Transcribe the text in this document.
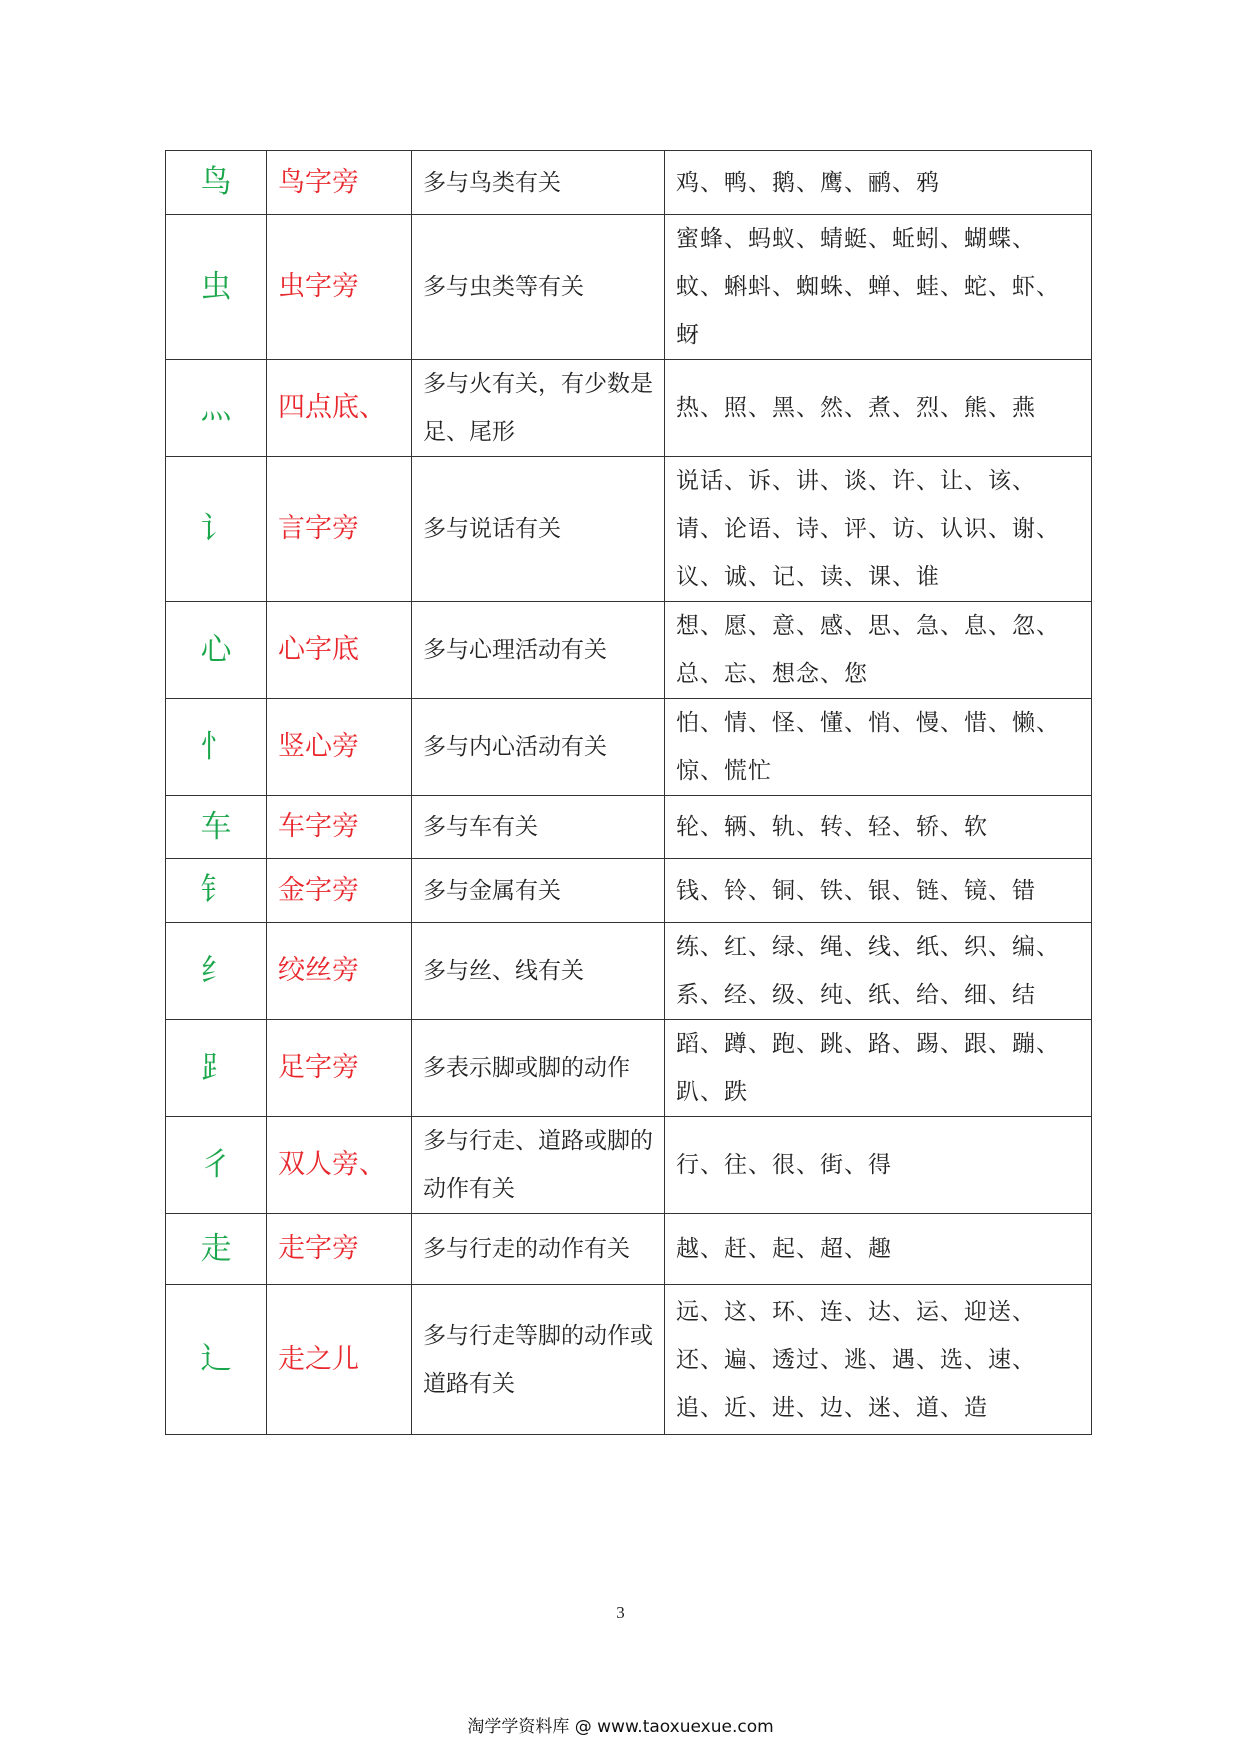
鸟	鸟字旁	多与鸟类有关	鸡、鸭、鹅、鹰、鹂、鸦
虫	虫字旁	多与虫类等有关	蜜蜂、蚂蚁、蜻蜓、蚯蚓、蝴蝶、蚊、蝌蚪、蜘蛛、蝉、蛙、蛇、虾、蚜
灬	四点底、	多与火有关，有少数是足、尾形	热、照、黑、然、煮、烈、熊、燕
讠	言字旁	多与说话有关	说话、诉、讲、谈、许、让、该、请、论语、诗、评、访、认识、谢、议、诚、记、读、课、谁
心	心字底	多与心理活动有关	想、愿、意、感、思、急、息、忽、总、忘、想念、您
忄	竖心旁	多与内心活动有关	怕、情、怪、懂、悄、慢、惜、懒、惊、慌忙
车	车字旁	多与车有关	轮、辆、轨、转、轻、轿、软
钅	金字旁	多与金属有关	钱、铃、铜、铁、银、链、镜、错
纟	绞丝旁	多与丝、线有关	练、红、绿、绳、线、纸、织、编、系、经、级、纯、纸、给、细、结
⻊	足字旁	多表示脚或脚的动作	蹈、蹲、跑、跳、路、踢、跟、蹦、趴、跌
彳	双人旁、	多与行走、道路或脚的动作有关	行、往、很、街、得
走	走字旁	多与行走的动作有关	越、赶、起、超、趣
辶	走之儿	多与行走等脚的动作或道路有关	远、这、环、连、达、运、迎送、还、遍、透过、逃、遇、选、速、追、近、进、边、迷、道、造
3
淘学学资料库 @ www.taoxuexue.com
